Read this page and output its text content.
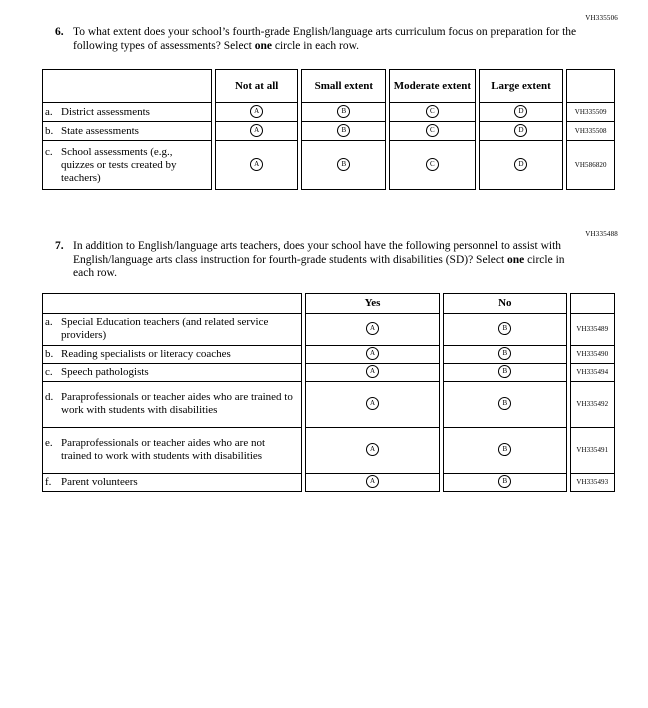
VH335506
6. To what extent does your school’s fourth-grade English/language arts curriculum focus on preparation for the following types of assessments? Select one circle in each row.
	Not at all	Small extent	Moderate extent	Large extent	

a. District assessments	A	B	C	D	VH335509

b. State assessments	A	B	C	D	VH335508

c. School assessments (e.g., quizzes or tests created by teachers)	A	B	C	D	VH586820
VH335488
7. In addition to English/language arts teachers, does your school have the following personnel to assist with English/language arts class instruction for fourth-grade students with disabilities (SD)? Select one circle in each row.
	Yes	No	

a. Special Education teachers (and related service providers)	A	B	VH335489

b. Reading specialists or literacy coaches	A	B	VH335490

c. Speech pathologists	A	B	VH335494

d. Paraprofessionals or teacher aides who are trained to work with students with disabilities	A	B	VH335492

e. Paraprofessionals or teacher aides who are not trained to work with students with disabilities	A	B	VH335491

f. Parent volunteers	A	B	VH335493
